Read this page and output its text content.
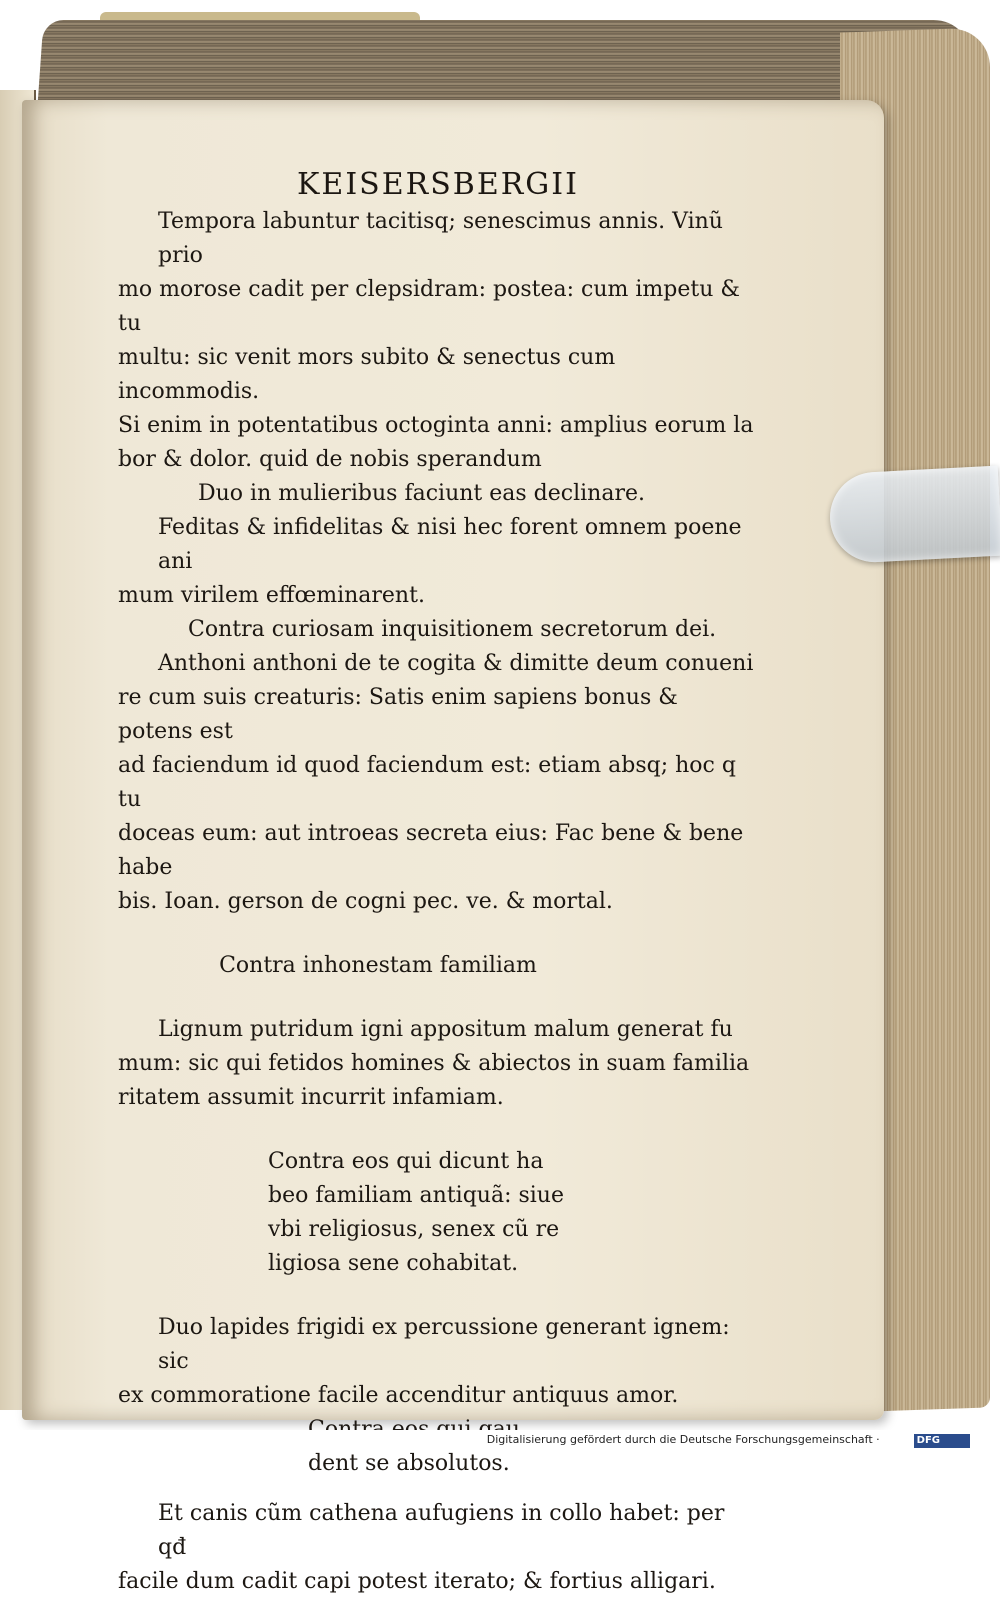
KEISERSBERGII

Tempora labuntur tacitisq; senescimus annis. Vinũ prio

mo morose cadit per clepsidram: postea: cum impetu & tu

multu: sic venit mors subito & senectus cum incommodis.

Si enim in potentatibus octoginta anni: amplius eorum la

bor & dolor. quid de nobis sperandum

Duo in mulieribus faciunt eas declinare.

Feditas & infidelitas & nisi hec forent omnem poene ani

mum virilem effœminarent.

Contra curiosam inquisitionem secretorum dei.

Anthoni anthoni de te cogita & dimitte deum conueni

re cum suis creaturis: Satis enim sapiens bonus & potens est

ad faciendum id quod faciendum est: etiam absq; hoc q tu

doceas eum: aut introeas secreta eius: Fac bene & bene habe

bis. Ioan. gerson de cogni pec. ve. & mortal.

Contra inhonestam familiam

Lignum putridum igni appositum malum generat fu

mum: sic qui fetidos homines & abiectos in suam familia

ritatem assumit incurrit infamiam.

Contra eos qui dicunt ha

beo familiam antiquã: siue

vbi religiosus, senex cũ re

ligiosa sene cohabitat.

Duo lapides frigidi ex percussione generant ignem: sic

ex commoratione facile accenditur antiquus amor.

dent se absolutos.

Et canis cũm cathena aufugiens in collo habet: per qđ

facile dum cadit capi potest iterato; & fortius alligari.

Digitalisierung gefördert durch die Deutsche Forschungsgemeinschaft ·	DFG
